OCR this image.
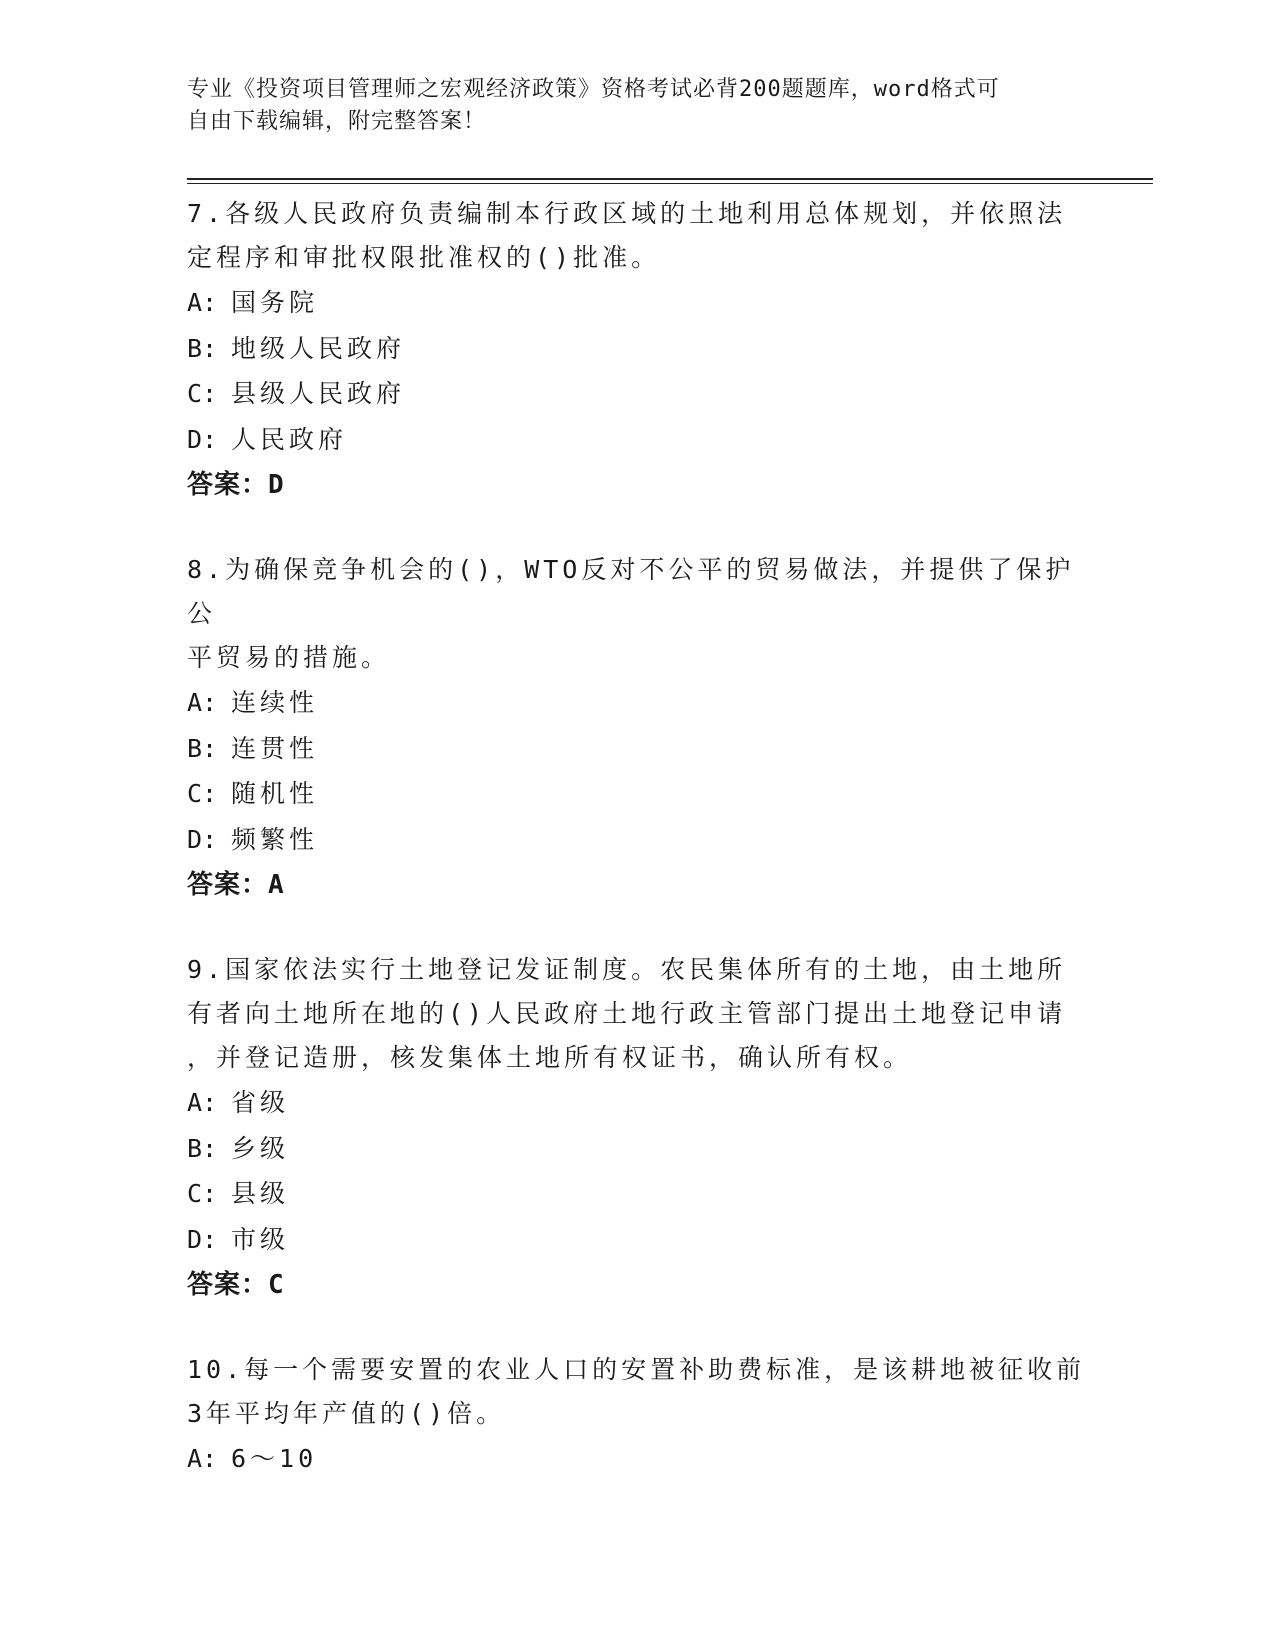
专业《投资项目管理师之宏观经济政策》资格考试必背200题题库，word格式可
自由下载编辑，附完整答案！

7.各级人民政府负责编制本行政区域的土地利用总体规划，并依照法

定程序和审批权限批准权的()批准。

A: 国务院

B: 地级人民政府

C: 县级人民政府

D: 人民政府

答案：D

8.为确保竞争机会的()，WTO反对不公平的贸易做法，并提供了保护公

平贸易的措施。

A: 连续性

B: 连贯性

C: 随机性

D: 频繁性

答案：A

9.国家依法实行土地登记发证制度。农民集体所有的土地，由土地所

有者向土地所在地的()人民政府土地行政主管部门提出土地登记申请

，并登记造册，核发集体土地所有权证书，确认所有权。

A: 省级

B: 乡级

C: 县级

D: 市级

答案：C

10.每一个需要安置的农业人口的安置补助费标准，是该耕地被征收前

3年平均年产值的()倍。

A: 6～10
